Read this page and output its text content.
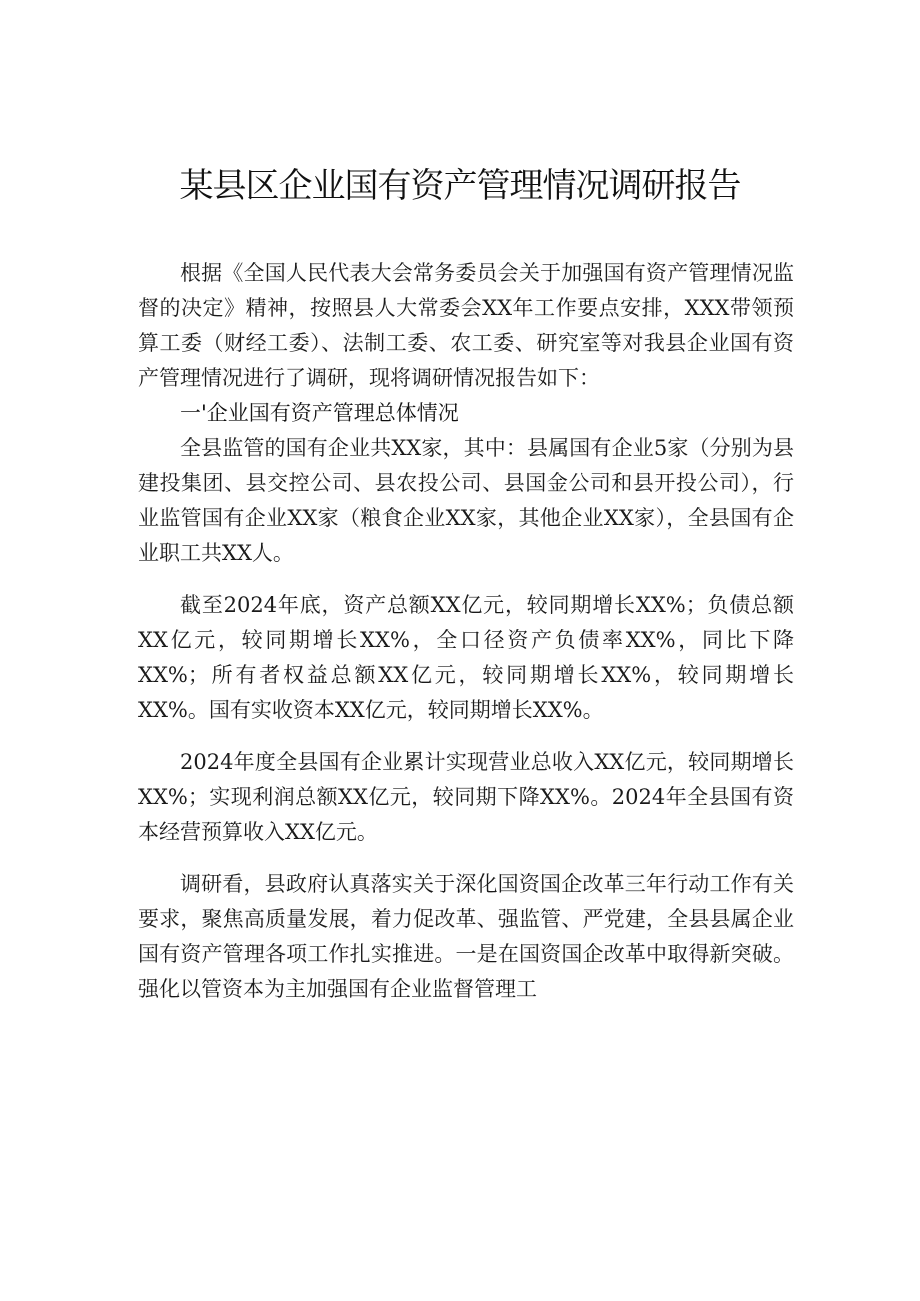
某县区企业国有资产管理情况调研报告

根据《全国人民代表大会常务委员会关于加强国有资产管理情况监督的决定》精神，按照县人大常委会XX年工作要点安排，XXX带领预算工委（财经工委）、法制工委、农工委、研究室等对我县企业国有资产管理情况进行了调研，现将调研情况报告如下：

一'企业国有资产管理总体情况

全县监管的国有企业共XX家，其中：县属国有企业5家（分别为县建投集团、县交控公司、县农投公司、县国金公司和县开投公司），行业监管国有企业XX家（粮食企业XX家，其他企业XX家），全县国有企业职工共XX人。

截至2024年底，资产总额XX亿元，较同期增长XX%；负债总额XX亿元，较同期增长XX%，全口径资产负债率XX%，同比下降XX%；所有者权益总额XX亿元，较同期增长XX%，较同期增长XX%。国有实收资本XX亿元，较同期增长XX%。

2024年度全县国有企业累计实现营业总收入XX亿元，较同期增长XX%；实现利润总额XX亿元，较同期下降XX%。2024年全县国有资本经营预算收入XX亿元。

调研看，县政府认真落实关于深化国资国企改革三年行动工作有关要求，聚焦高质量发展，着力促改革、强监管、严党建，全县县属企业国有资产管理各项工作扎实推进。一是在国资国企改革中取得新突破。强化以管资本为主加强国有企业监督管理工
